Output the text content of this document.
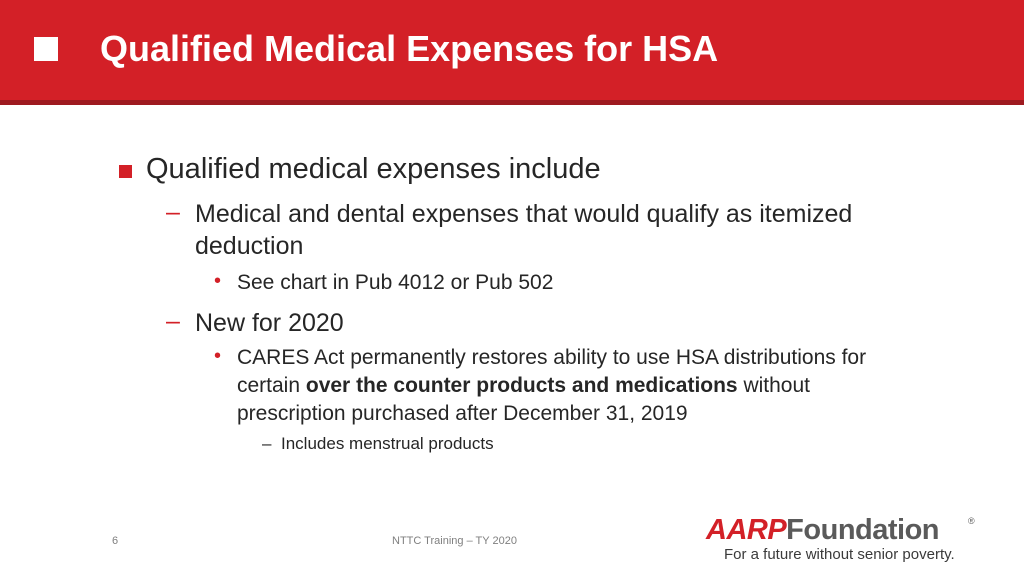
Qualified Medical Expenses for HSA
Qualified medical expenses include
– Medical and dental expenses that would qualify as itemized deduction
• See chart in Pub 4012 or Pub 502
– New for 2020
• CARES Act permanently restores ability to use HSA distributions for certain over the counter products and medications without prescription purchased after December 31, 2019
– Includes menstrual products
6	NTTC Training – TY 2020	AARPFoundation	®
For a future without senior poverty.
